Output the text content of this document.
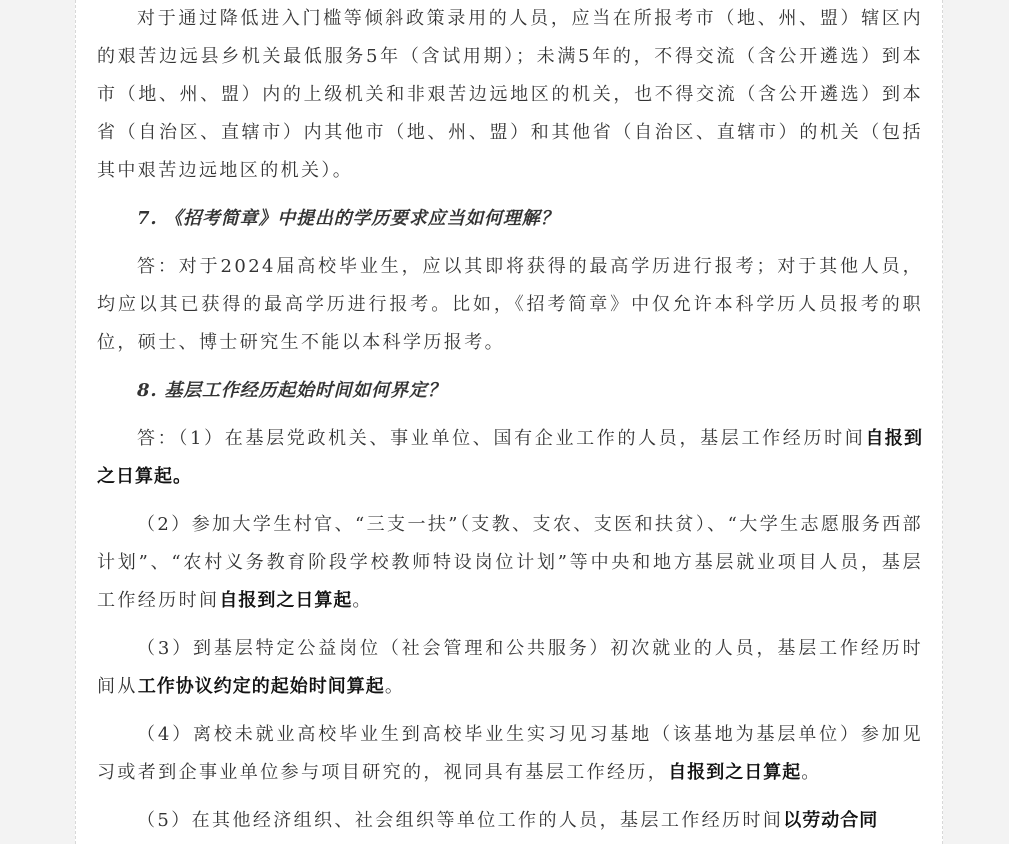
对于通过降低进入门槛等倾斜政策录用的人员，应当在所报考市（地、州、盟）辖区内的艰苦边远县乡机关最低服务5年（含试用期）；未满5年的，不得交流（含公开遴选）到本市（地、州、盟）内的上级机关和非艰苦边远地区的机关，也不得交流（含公开遴选）到本省（自治区、直辖市）内其他市（地、州、盟）和其他省（自治区、直辖市）的机关（包括其中艰苦边远地区的机关）。

7. 《招考简章》中提出的学历要求应当如何理解？

答：对于2024届高校毕业生，应以其即将获得的最高学历进行报考；对于其他人员，均应以其已获得的最高学历进行报考。比如，《招考简章》中仅允许本科学历人员报考的职位，硕士、博士研究生不能以本科学历报考。

8. 基层工作经历起始时间如何界定？

答：（1）在基层党政机关、事业单位、国有企业工作的人员，基层工作经历时间自报到之日算起。

（2）参加大学生村官、“三支一扶”（支教、支农、支医和扶贫）、“大学生志愿服务西部计划”、“农村义务教育阶段学校教师特设岗位计划”等中央和地方基层就业项目人员，基层工作经历时间自报到之日算起。

（3）到基层特定公益岗位（社会管理和公共服务）初次就业的人员，基层工作经历时间从工作协议约定的起始时间算起。

（4）离校未就业高校毕业生到高校毕业生实习见习基地（该基地为基层单位）参加见习或者到企事业单位参与项目研究的，视同具有基层工作经历，自报到之日算起。

（5）在其他经济组织、社会组织等单位工作的人员，基层工作经历时间以劳动合同
